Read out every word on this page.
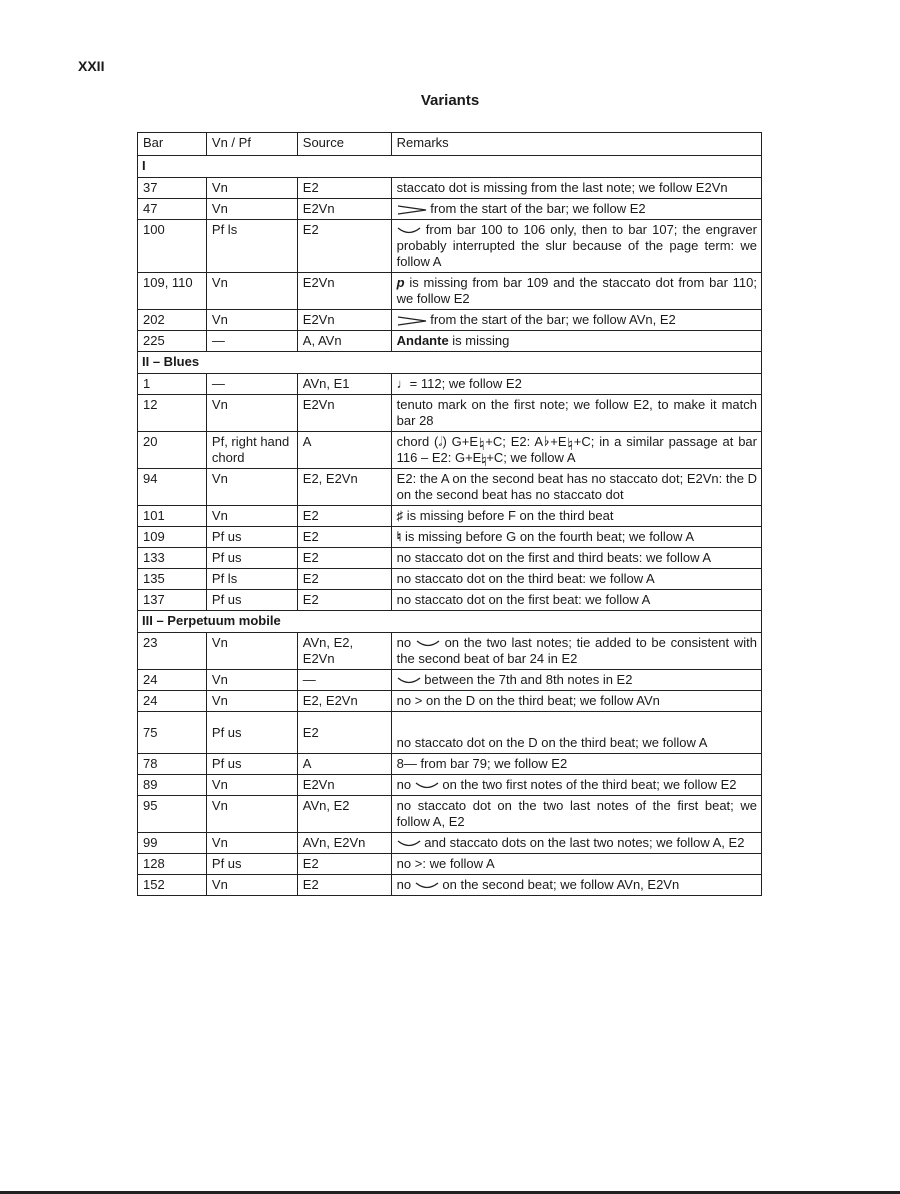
XXII
Variants
Bar	Vn / Pf	Source	Remarks
I			
37	Vn	E2	staccato dot is missing from the last note; we follow E2Vn
47	Vn	E2Vn	from the start of the bar; we follow E2
100	Pf ls	E2	from bar 100 to 106 only, then to bar 107; the engraver probably interrupted the slur because of the page term: we follow A
109, 110	Vn	E2Vn	p is missing from bar 109 and the staccato dot from bar 110; we follow E2
202	Vn	E2Vn	from the start of the bar; we follow AVn, E2
225	—	A, AVn	Andante is missing
II – Blues			
1	—	AVn, E1	♩= 112; we follow E2
12	Vn	E2Vn	tenuto mark on the first note; we follow E2, to make it match bar 28
20	Pf, right hand chord	A	chord (𝅗𝅥) G+E♮+C; E2: A♭+E♮+C; in a similar passage at bar 116 – E2: G+E♮+C; we follow A
94	Vn	E2, E2Vn	E2: the A on the second beat has no staccato dot; E2Vn: the D on the second beat has no staccato dot
101	Vn	E2	♯ is missing before F on the third beat
109	Pf us	E2	♮ is missing before G on the fourth beat; we follow A
133	Pf us	E2	no staccato dot on the first and third beats: we follow A
135	Pf ls	E2	no staccato dot on the third beat: we follow A
137	Pf us	E2	no staccato dot on the first beat: we follow A
III – Perpetuum mobile			
23	Vn	AVn, E2, E2Vn	no on the two last notes; tie added to be consistent with the second beat of bar 24 in E2
24	Vn	—	between the 7th and 8th notes in E2
24	Vn	E2, E2Vn	no > on the D on the third beat; we follow AVn
75	Pf us	E2	no staccato dot on the D on the third beat; we follow A
78	Pf us	A	8— from bar 79; we follow E2
89	Vn	E2Vn	no on the two first notes of the third beat; we follow E2
95	Vn	AVn, E2	no staccato dot on the two last notes of the first beat; we follow A, E2
99	Vn	AVn, E2Vn	and staccato dots on the last two notes; we follow A, E2
128	Pf us	E2	no >: we follow A
152	Vn	E2	no on the second beat; we follow AVn, E2Vn
